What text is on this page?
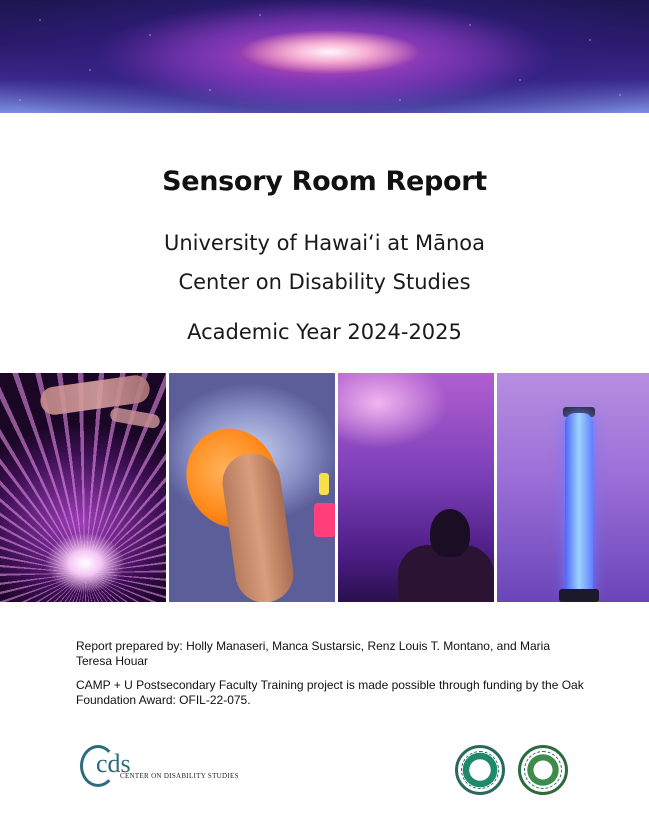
Sensory Room Report
University of Hawaiʻi at Mānoa
Center on Disability Studies
Academic Year 2024-2025

Report prepared by: Holly Manaseri, Manca Sustarsic, Renz Louis T. Montano, and Maria Teresa Houar

CAMP + U Postsecondary Faculty Training project is made possible through funding by the Oak Foundation Award: OFIL-22-075.

cds
CENTER ON DISABILITY STUDIES
